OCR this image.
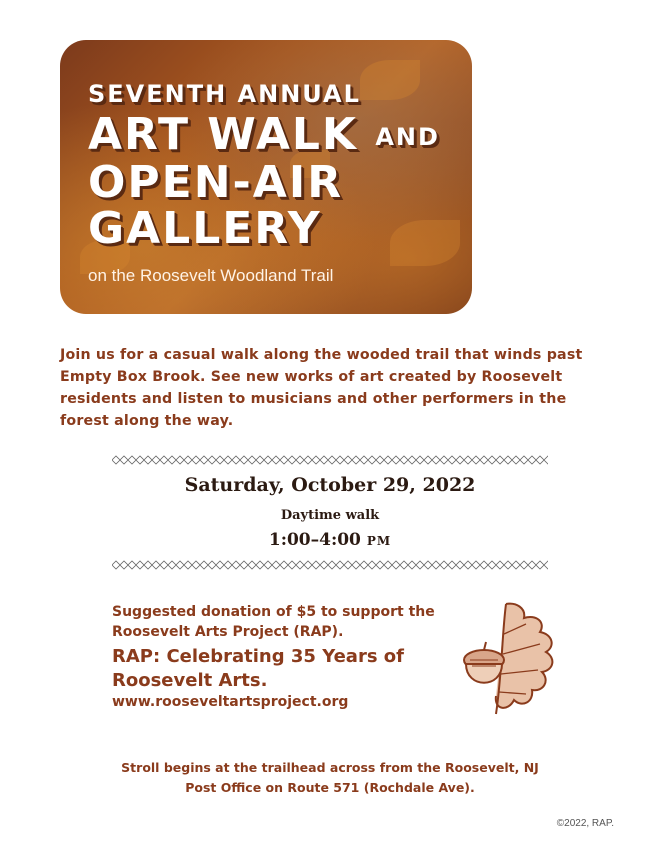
SEVENTH ANNUAL
ART WALK AND
OPEN-AIR
GALLERY
on the Roosevelt Woodland Trail
Join us for a casual walk along the wooded trail that winds past Empty Box Brook. See new works of art created by Roosevelt residents and listen to musicians and other performers in the forest along the way.
Saturday, October 29, 2022
Daytime walk
1:00–4:00 PM
Suggested donation of $5 to support the Roosevelt Arts Project (RAP).
RAP: Celebrating 35 Years of Roosevelt Arts.
www.rooseveltartsproject.org
Stroll begins at the trailhead across from the Roosevelt, NJ
Post Office on Route 571 (Rochdale Ave).
©2022, RAP.
